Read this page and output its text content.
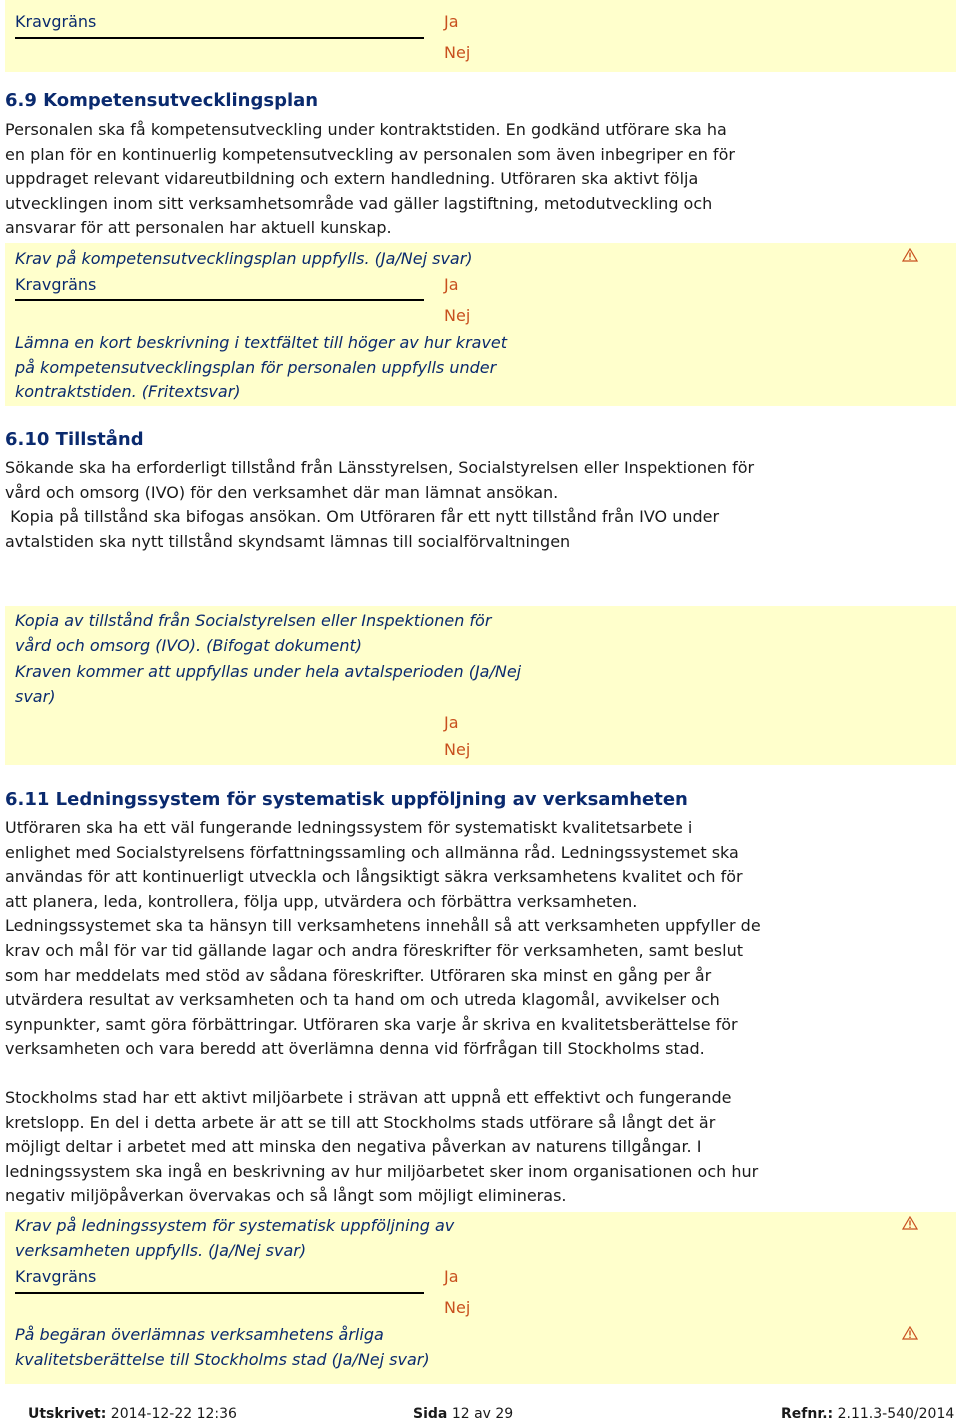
Kravgräns	Ja
Nej
6.9 Kompetensutvecklingsplan
Personalen ska få kompetensutveckling under kontraktstiden. En godkänd utförare ska ha
en plan för en kontinuerlig kompetensutveckling av personalen som även inbegriper en för
uppdraget relevant vidareutbildning och extern handledning. Utföraren ska aktivt följa
utvecklingen inom sitt verksamhetsområde vad gäller lagstiftning, metodutveckling och
ansvarar för att personalen har aktuell kunskap.
Krav på kompetensutvecklingsplan uppfylls. (Ja/Nej svar)
Kravgräns	Ja
Nej
Lämna en kort beskrivning i textfältet till höger av hur kravet
på kompetensutvecklingsplan för personalen uppfylls under
kontraktstiden. (Fritextsvar)
6.10 Tillstånd
Sökande ska ha erforderligt tillstånd från Länsstyrelsen, Socialstyrelsen eller Inspektionen för
vård och omsorg (IVO) för den verksamhet där man lämnat ansökan.
Kopia på tillstånd ska bifogas ansökan. Om Utföraren får ett nytt tillstånd från IVO under
avtalstiden ska nytt tillstånd skyndsamt lämnas till socialförvaltningen
Kopia av tillstånd från Socialstyrelsen eller Inspektionen för
vård och omsorg (IVO). (Bifogat dokument)
Kraven kommer att uppfyllas under hela avtalsperioden (Ja/Nej
svar)
Ja
Nej
6.11 Ledningssystem för systematisk uppföljning av verksamheten
Utföraren ska ha ett väl fungerande ledningssystem för systematiskt kvalitetsarbete i
enlighet med Socialstyrelsens författningssamling och allmänna råd. Ledningssystemet ska
användas för att kontinuerligt utveckla och långsiktigt säkra verksamhetens kvalitet och för
att planera, leda, kontrollera, följa upp, utvärdera och förbättra verksamheten.
Ledningssystemet ska ta hänsyn till verksamhetens innehåll så att verksamheten uppfyller de
krav och mål för var tid gällande lagar och andra föreskrifter för verksamheten, samt beslut
som har meddelats med stöd av sådana föreskrifter. Utföraren ska minst en gång per år
utvärdera resultat av verksamheten och ta hand om och utreda klagomål, avvikelser och
synpunkter, samt göra förbättringar. Utföraren ska varje år skriva en kvalitetsberättelse för
verksamheten och vara beredd att överlämna denna vid förfrågan till Stockholms stad.
Stockholms stad har ett aktivt miljöarbete i strävan att uppnå ett effektivt och fungerande
kretslopp. En del i detta arbete är att se till att Stockholms stads utförare så långt det är
möjligt deltar i arbetet med att minska den negativa påverkan av naturens tillgångar. I
ledningssystem ska ingå en beskrivning av hur miljöarbetet sker inom organisationen och hur
negativ miljöpåverkan övervakas och så långt som möjligt elimineras.
Krav på ledningssystem för systematisk uppföljning av
verksamheten uppfylls. (Ja/Nej svar)
Kravgräns	Ja
Nej
På begäran överlämnas verksamhetens årliga
kvalitetsberättelse till Stockholms stad (Ja/Nej svar)
Utskrivet: 2014-12-22 12:36	Sida 12 av 29	Refnr.: 2.11.3-540/2014
